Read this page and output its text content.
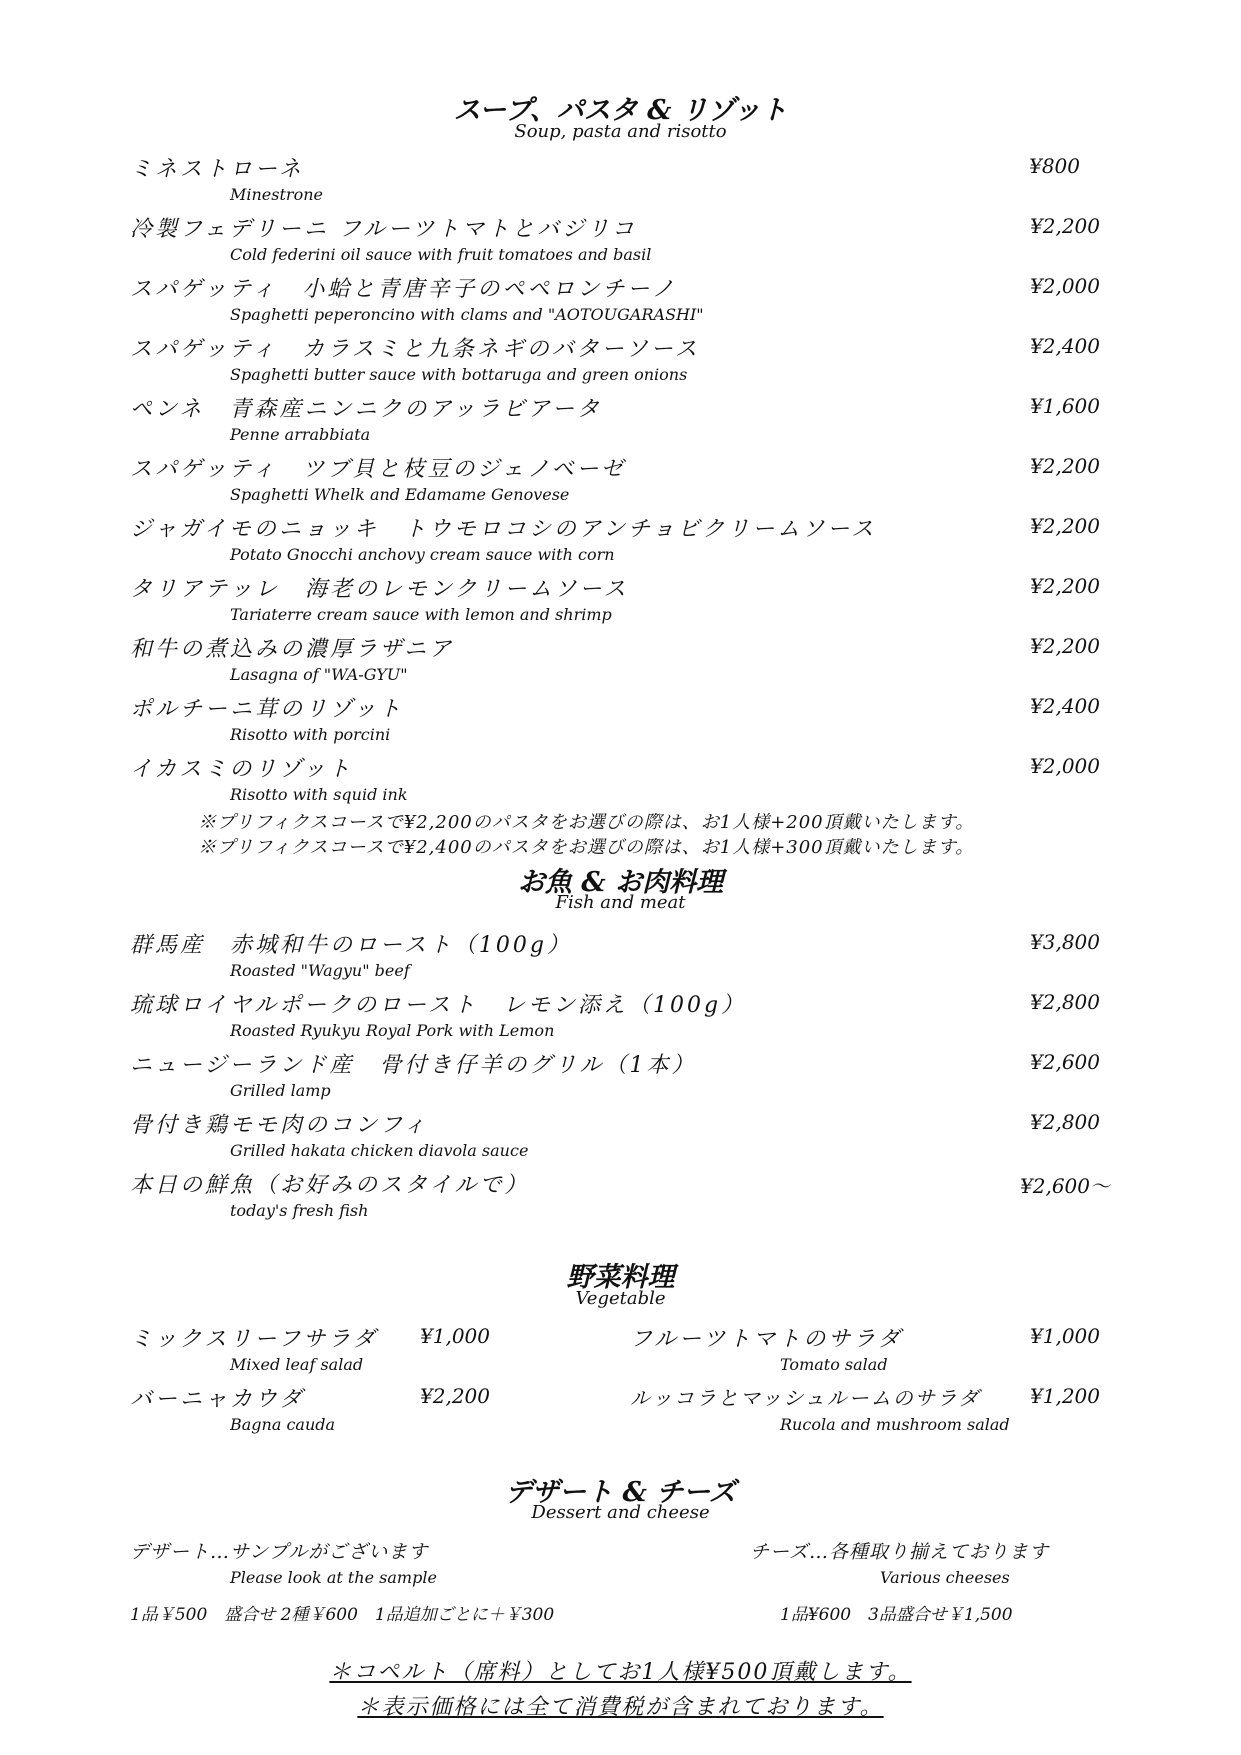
スープ、パスタ & リゾット
Soup, pasta and risotto
ミネストローネ	¥800
Minestrone
冷製フェデリーニ フルーツトマトとバジリコ	¥2,200
Cold federini oil sauce with fruit tomatoes and basil
スパゲッティ　小蛤と青唐辛子のペペロンチーノ	¥2,000
Spaghetti peperoncino with clams and "AOTOUGARASHI"
スパゲッティ　カラスミと九条ネギのバターソース	¥2,400
Spaghetti butter sauce with bottaruga and green onions
ペンネ　青森産ニンニクのアッラビアータ	¥1,600
Penne arrabbiata
スパゲッティ　ツブ貝と枝豆のジェノベーゼ	¥2,200
Spaghetti Whelk and Edamame Genovese
ジャガイモのニョッキ　トウモロコシのアンチョビクリームソース	¥2,200
Potato Gnocchi anchovy cream sauce with corn
タリアテッレ　海老のレモンクリームソース	¥2,200
Tariaterre cream sauce with lemon and shrimp
和牛の煮込みの濃厚ラザニア	¥2,200
Lasagna of "WA-GYU"
ポルチーニ茸のリゾット	¥2,400
Risotto with porcini
イカスミのリゾット	¥2,000
Risotto with squid ink
※プリフィクスコースで¥2,200のパスタをお選びの際は、お1人様+200頂戴いたします。
※プリフィクスコースで¥2,400のパスタをお選びの際は、お1人様+300頂戴いたします。
お魚 & お肉料理
Fish and meat
群馬産　赤城和牛のロースト（100g）	¥3,800
Roasted "Wagyu" beef
琉球ロイヤルポークのロースト　レモン添え（100g）	¥2,800
Roasted Ryukyu Royal Pork with Lemon
ニュージーランド産　骨付き仔羊のグリル（1本）	¥2,600
Grilled lamp
骨付き鶏モモ肉のコンフィ	¥2,800
Grilled hakata chicken diavola sauce
本日の鮮魚（お好みのスタイルで）	¥2,600～
today's fresh fish
野菜料理
Vegetable
ミックスリーフサラダ	¥1,000
Mixed leaf salad
フルーツトマトのサラダ	¥1,000
Tomato salad
バーニャカウダ	¥2,200
Bagna cauda
ルッコラとマッシュルームのサラダ	¥1,200
Rucola and mushroom salad
デザート & チーズ
Dessert and cheese
デザート…サンプルがございます
Please look at the sample
1品￥500　盛合せ 2種￥600　1品追加ごとに＋￥300
チーズ…各種取り揃えております
Various cheeses
1品¥600　3品盛合せ￥1,500
＊コペルト（席料）としてお1人様¥500頂戴します。
＊表示価格には全て消費税が含まれております。
